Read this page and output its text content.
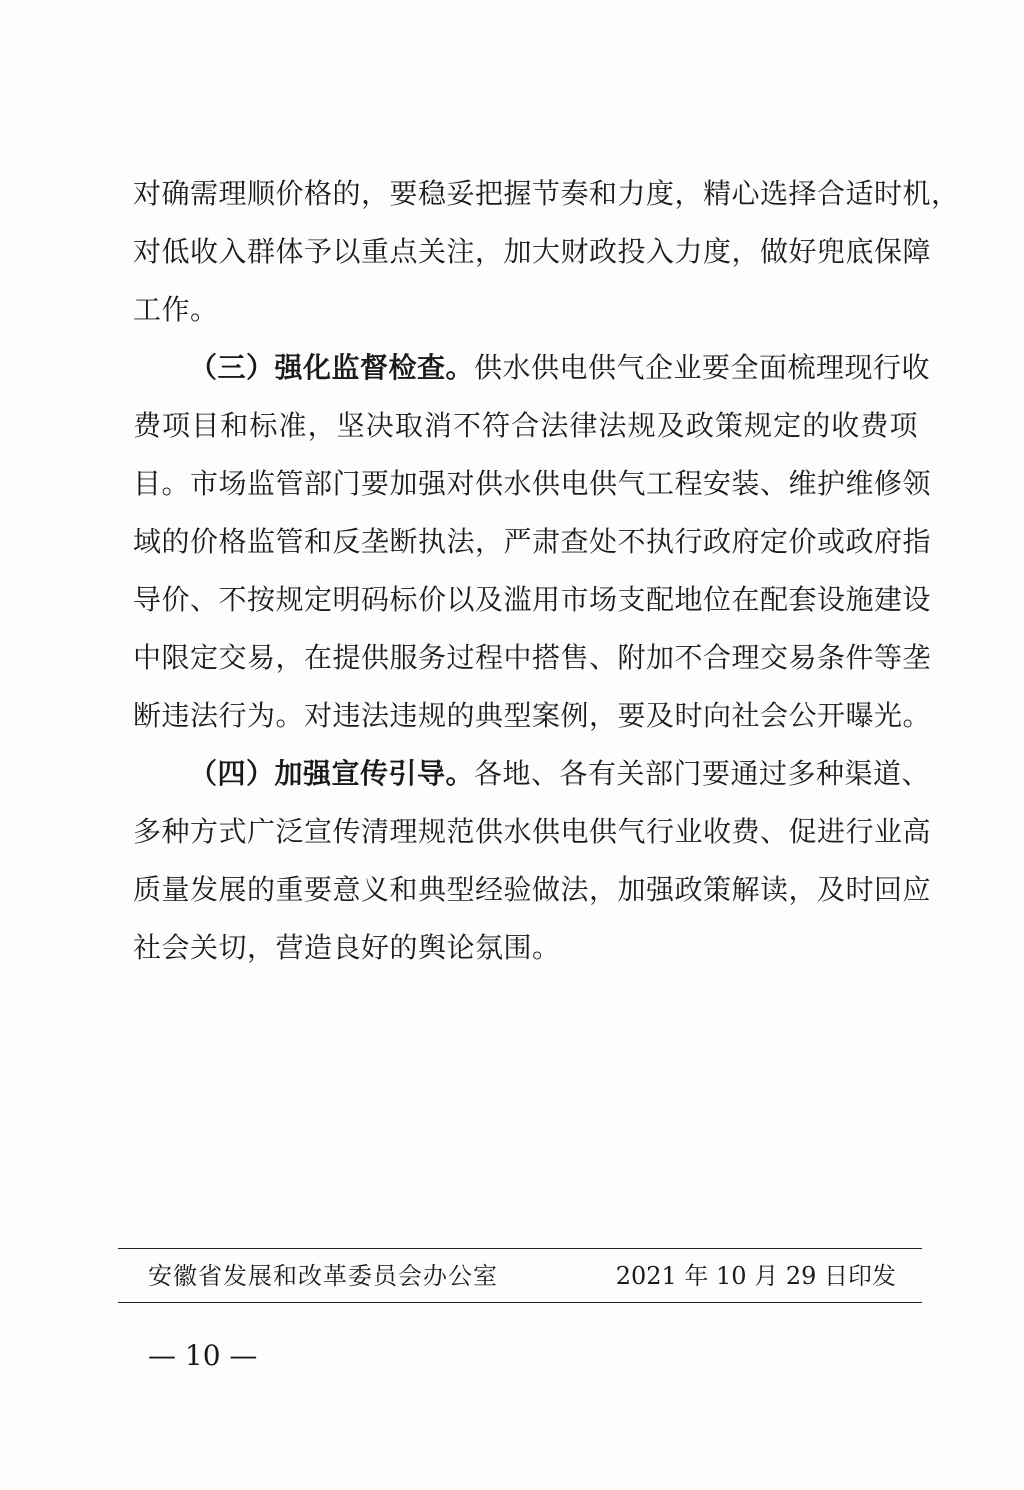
对确需理顺价格的，要稳妥把握节奏和力度，精心选择合适时机，
对低收入群体予以重点关注，加大财政投入力度，做好兜底保障
工作。
（三）强化监督检查。供水供电供气企业要全面梳理现行收
费项目和标准，坚决取消不符合法律法规及政策规定的收费项
目。市场监管部门要加强对供水供电供气工程安装、维护维修领
域的价格监管和反垄断执法，严肃查处不执行政府定价或政府指
导价、不按规定明码标价以及滥用市场支配地位在配套设施建设
中限定交易，在提供服务过程中搭售、附加不合理交易条件等垄
断违法行为。对违法违规的典型案例，要及时向社会公开曝光。
（四）加强宣传引导。各地、各有关部门要通过多种渠道、
多种方式广泛宣传清理规范供水供电供气行业收费、促进行业高
质量发展的重要意义和典型经验做法，加强政策解读，及时回应
社会关切，营造良好的舆论氛围。
安徽省发展和改革委员会办公室	2021 年 10 月 29 日印发
— 10 —
